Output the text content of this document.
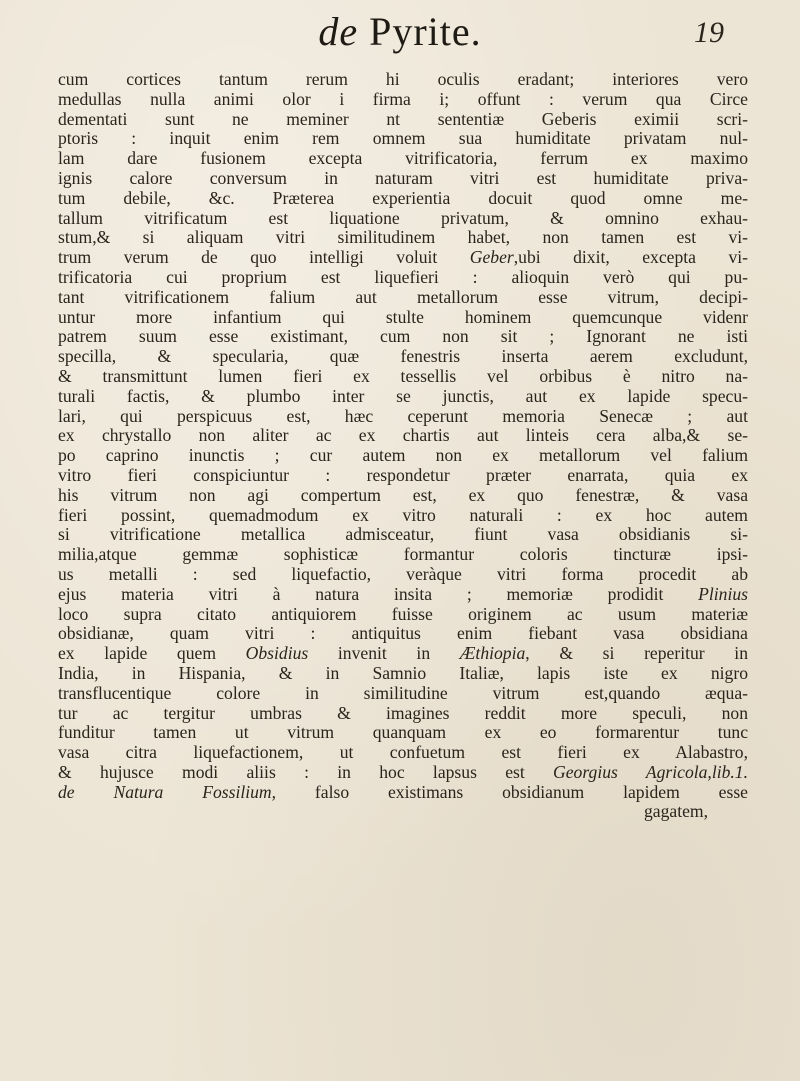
de Pyrite.	19
cum cortices tantum rerum hi oculis eradant; interiores vero
medullas nulla animi olor i firma i; offunt : verum qua Circe
dementati sunt ne meminer nt sententiæ Geberis eximii scri-
ptoris : inquit enim rem omnem sua humiditate privatam nul-
lam dare fusionem excepta vitrificatoria, ferrum ex maximo
ignis calore conversum in naturam vitri est humiditate priva-
tum debile, &c. Præterea experientia docuit quod omne me-
tallum vitrificatum est liquatione privatum, & omnino exhau-
stum,& si aliquam vitri similitudinem habet, non tamen est vi-
trum verum de quo intelligi voluit Geber,ubi dixit, excepta vi-
trificatoria cui proprium est liquefieri : alioquin verò qui pu-
tant vitrificationem falium aut metallorum esse vitrum, decipi-
untur more infantium qui stulte hominem quemcunque videnr
patrem suum esse existimant, cum non sit ; Ignorant ne isti
specilla, & specularia, quæ fenestris inserta aerem excludunt,
& transmittunt lumen fieri ex tessellis vel orbibus è nitro na-
turali factis, & plumbo inter se junctis, aut ex lapide specu-
lari, qui perspicuus est, hæc ceperunt memoria Senecæ ; aut
ex chrystallo non aliter ac ex chartis aut linteis cera alba,& se-
po caprino inunctis ; cur autem non ex metallorum vel falium
vitro fieri conspiciuntur : respondetur præter enarrata, quia ex
his vitrum non agi compertum est, ex quo fenestræ, & vasa
fieri possint, quemadmodum ex vitro naturali : ex hoc autem
si vitrificatione metallica admisceatur, fiunt vasa obsidianis si-
milia,atque gemmæ sophisticæ formantur coloris tincturæ ipsi-
us metalli : sed liquefactio, veràque vitri forma procedit ab
ejus materia vitri à natura insita ; memoriæ prodidit Plinius
loco supra citato antiquiorem fuisse originem ac usum materiæ
obsidianæ, quam vitri : antiquitus enim fiebant vasa obsidiana
ex lapide quem Obsidius invenit in Æthiopia, & si reperitur in
India, in Hispania, & in Samnio Italiæ, lapis iste ex nigro
transflucentique colore in similitudine vitrum est,quando æqua-
tur ac tergitur umbras & imagines reddit more speculi, non
funditur tamen ut vitrum quanquam ex eo formarentur tunc
vasa citra liquefactionem, ut confuetum est fieri ex Alabastro,
& hujusce modi aliis : in hoc lapsus est Georgius Agricola,lib.1.
de Natura Fossilium, falso existimans obsidianum lapidem esse
gagatem,
